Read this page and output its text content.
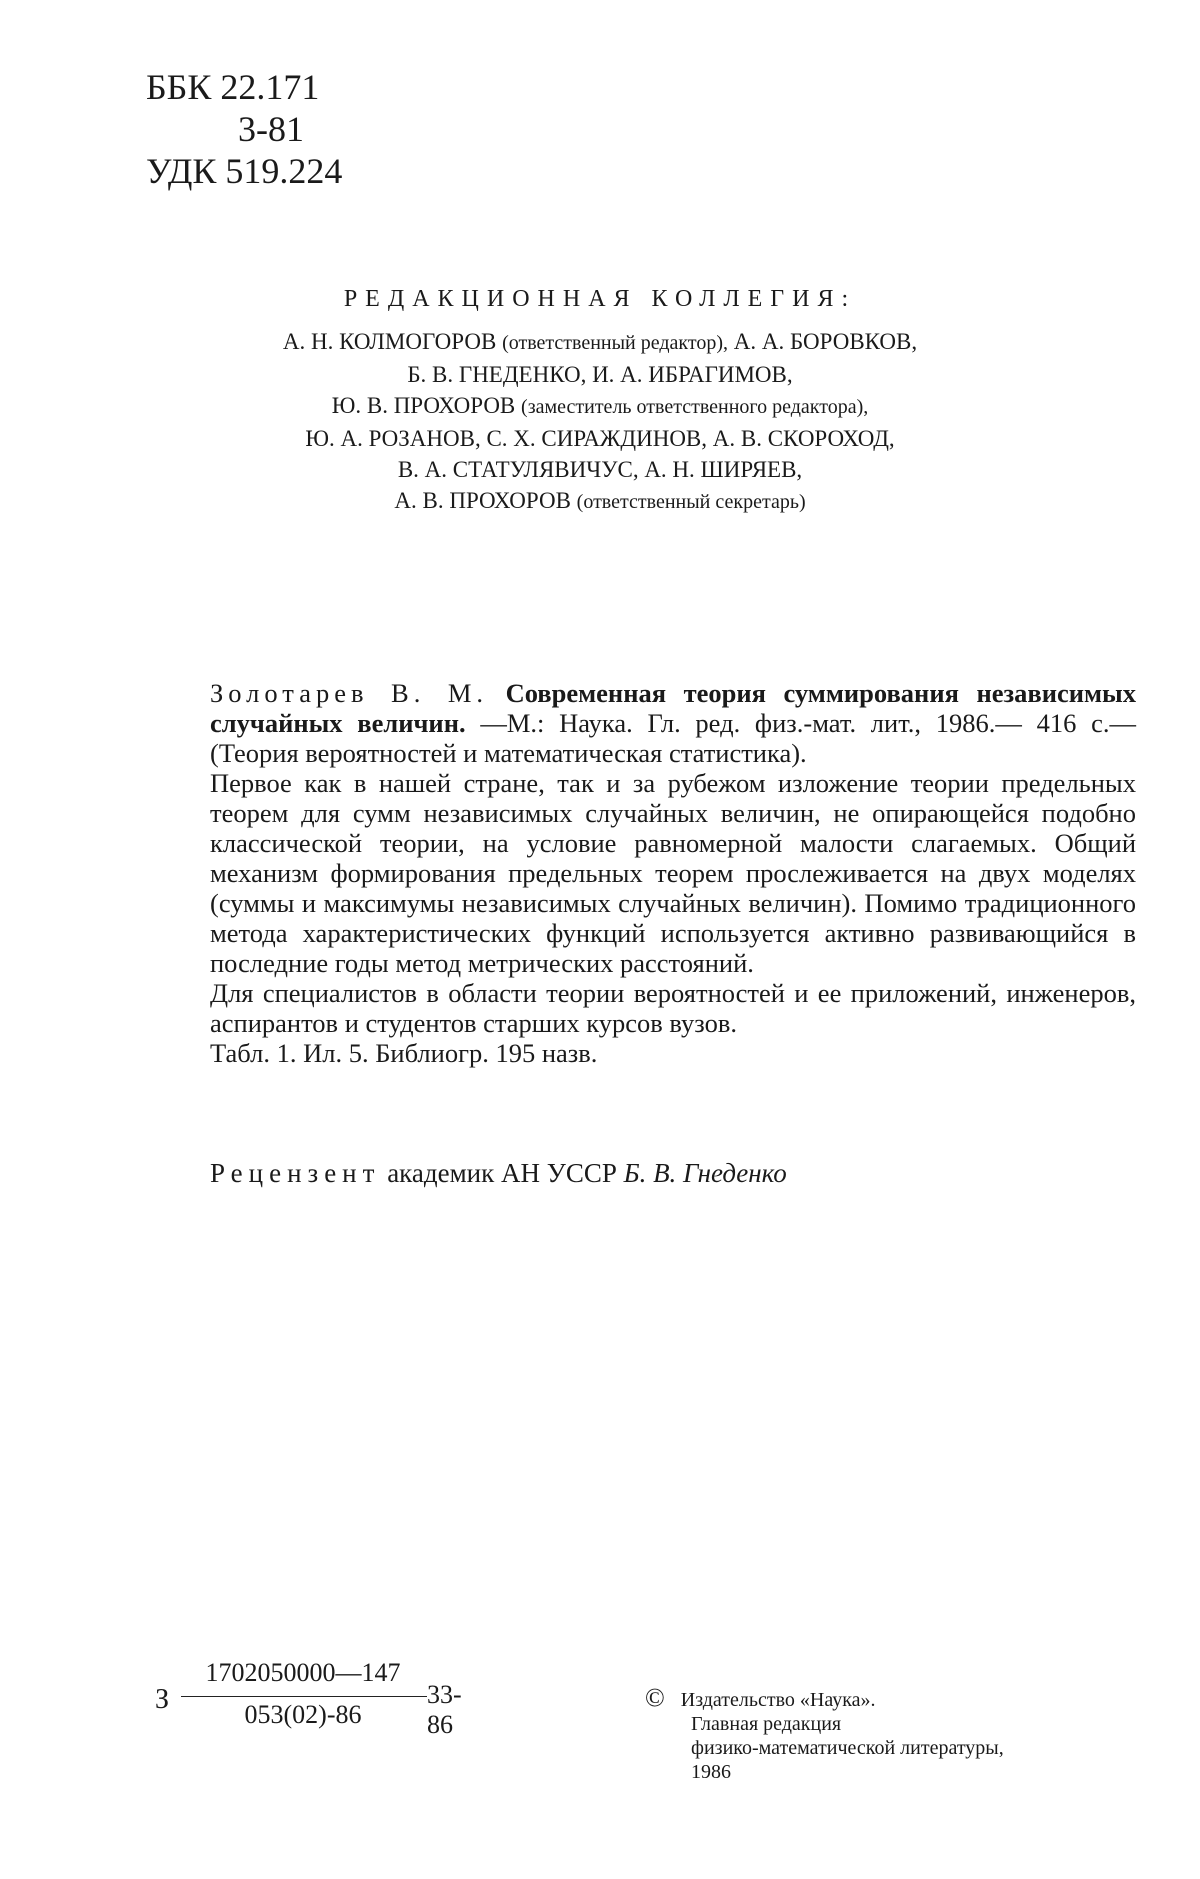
ББК 22.171
3-81
УДК 519.224
РЕДАКЦИОННАЯ КОЛЛЕГИЯ:
А. Н. КОЛМОГОРОВ (ответственный редактор), А. А. БОРОВКОВ,
Б. В. ГНЕДЕНКО, И. А. ИБРАГИМОВ,
Ю. В. ПРОХОРОВ (заместитель ответственного редактора),
Ю. А. РОЗАНОВ, С. Х. СИРАЖДИНОВ, А. В. СКОРОХОД,
В. А. СТАТУЛЯВИЧУС, А. Н. ШИРЯЕВ,
А. В. ПРОХОРОВ (ответственный секретарь)

Золотарев В. М. Современная теория суммирования независимых случайных величин. —М.: Наука. Гл. ред. физ.-мат. лит., 1986.— 416 с.— (Теория вероятностей и математическая статистика).

Первое как в нашей стране, так и за рубежом изложение теории предельных теорем для сумм независимых случайных величин, не опирающейся подобно классической теории, на условие равномерной малости слагаемых. Общий механизм формирования предельных теорем прослеживается на двух моделях (суммы и максимумы независимых случайных величин). Помимо традиционного метода характеристических функций используется активно развивающийся в последние годы метод метрических расстояний.

Для специалистов в области теории вероятностей и ее приложений, инженеров, аспирантов и студентов старших курсов вузов.

Табл. 1. Ил. 5. Библиогр. 195 назв.

Рецензент академик АН УССР Б. В. Гнеденко
З
1702050000—147
053(02)-86
33-86
© Издательство «Наука».
Главная редакция
физико-математической литературы,
1986
